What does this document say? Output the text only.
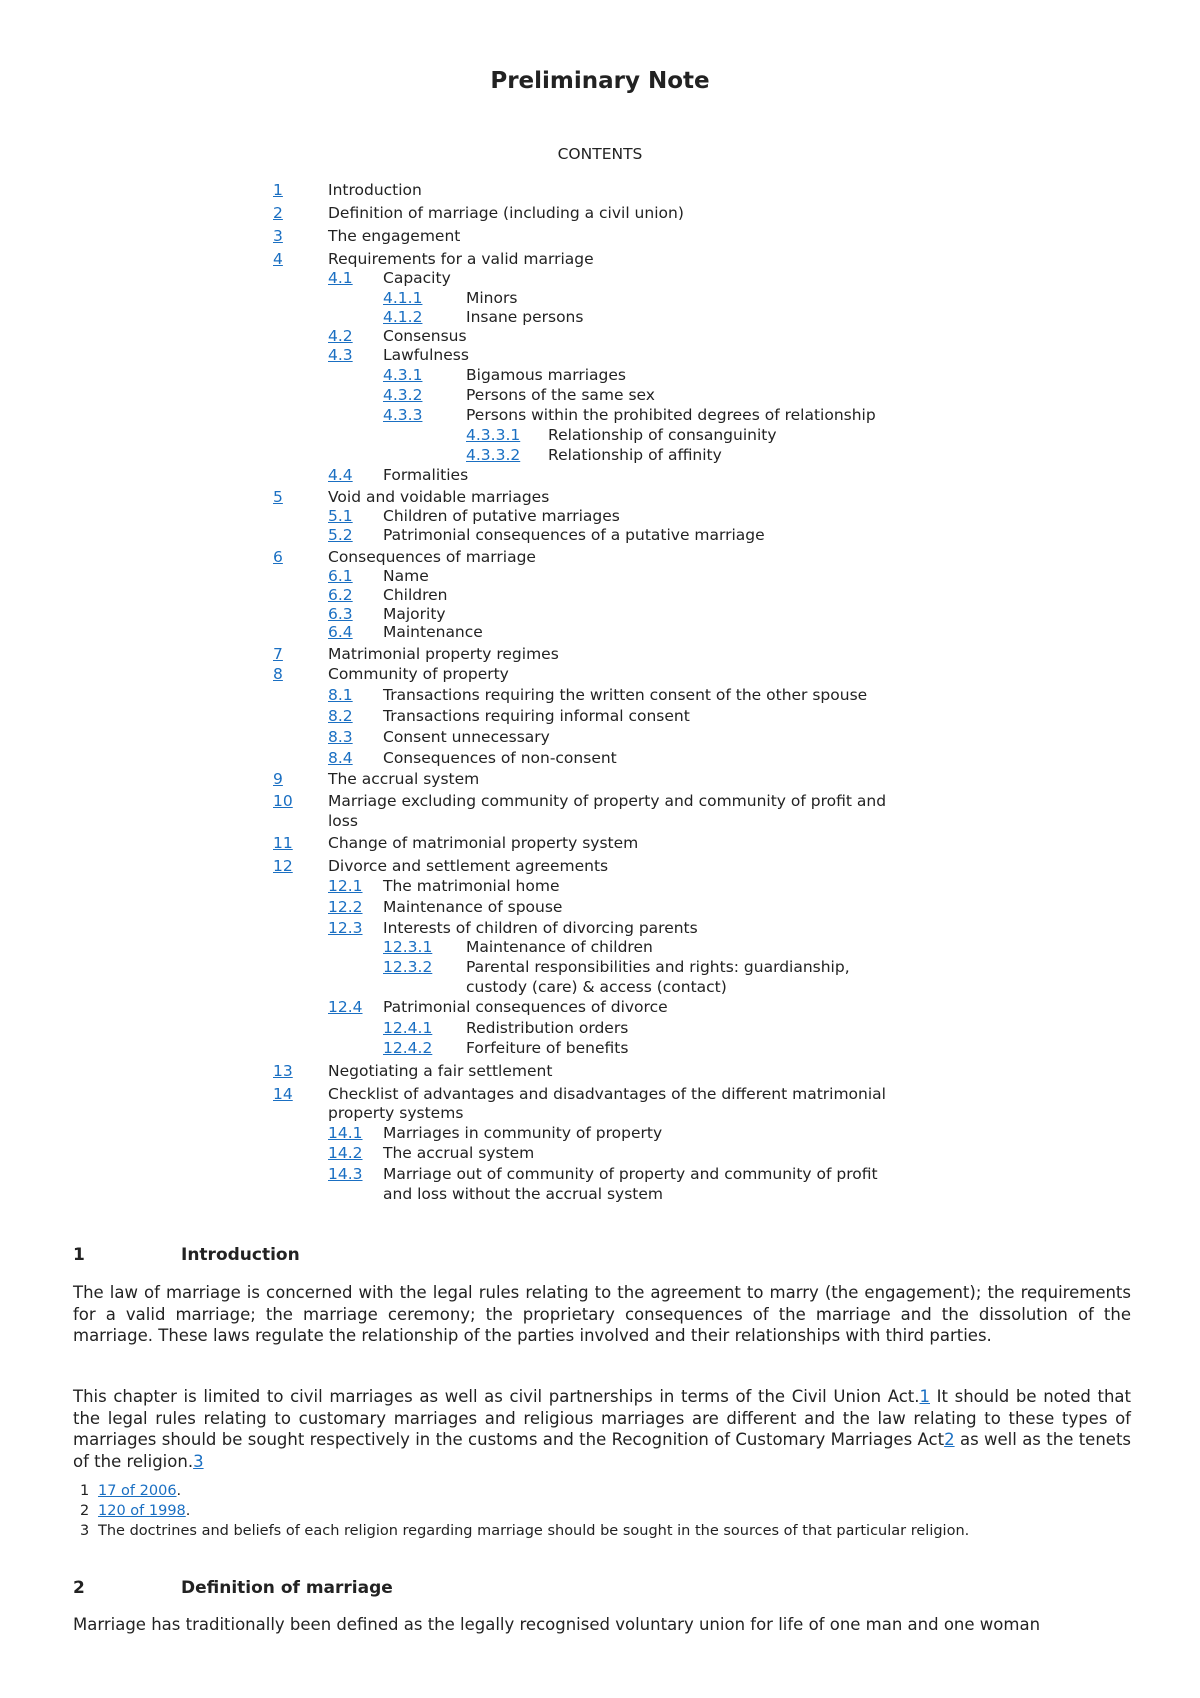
Preliminary Note
CONTENTS
1	Introduction
2	Definition of marriage (including a civil union)
3	The engagement
4	Requirements for a valid marriage
4.1 Capacity
4.1.1	Minors
4.1.2	Insane persons
4.2 Consensus
4.3 Lawfulness
4.3.1	Bigamous marriages
4.3.2	Persons of the same sex
4.3.3	Persons within the prohibited degrees of relationship
4.3.3.1 Relationship of consanguinity
4.3.3.2 Relationship of affinity
4.4 Formalities
5	Void and voidable marriages
5.1 Children of putative marriages
5.2 Patrimonial consequences of a putative marriage
6	Consequences of marriage
6.1 Name
6.2 Children
6.3 Majority
6.4 Maintenance
7	Matrimonial property regimes
8	Community of property
8.1 Transactions requiring the written consent of the other spouse
8.2 Transactions requiring informal consent
8.3 Consent unnecessary
8.4 Consequences of non-consent
9	The accrual system
10 Marriage excluding community of property and community of profit and
loss
11 Change of matrimonial property system
12 Divorce and settlement agreements
12.1 The matrimonial home
12.2 Maintenance of spouse
12.3 Interests of children of divorcing parents
12.3.1 Maintenance of children
12.3.2 Parental responsibilities and rights: guardianship,
custody (care) & access (contact)
12.4 Patrimonial consequences of divorce
12.4.1 Redistribution orders
12.4.2 Forfeiture of benefits
13 Negotiating a fair settlement
14 Checklist of advantages and disadvantages of the different matrimonial
property systems
14.1 Marriages in community of property
14.2 The accrual system
14.3 Marriage out of community of property and community of profit
and loss without the accrual system
1	Introduction

The law of marriage is concerned with the legal rules relating to the agreement to marry (the engagement); the requirements for a valid marriage; the marriage ceremony; the proprietary consequences of the marriage and the dissolution of the marriage. These laws regulate the relationship of the parties involved and their relationships with third parties.

This chapter is limited to civil marriages as well as civil partnerships in terms of the Civil Union Act.1 It should be noted that the legal rules relating to customary marriages and religious marriages are different and the law relating to these types of marriages should be sought respectively in the customs and the Recognition of Customary Marriages Act2 as well as the tenets of the religion.3

1 17 of 2006.
2 120 of 1998.
3 The doctrines and beliefs of each religion regarding marriage should be sought in the sources of that particular religion.
2	Definition of marriage

Marriage has traditionally been defined as the legally recognised voluntary union for life of one man and one woman
